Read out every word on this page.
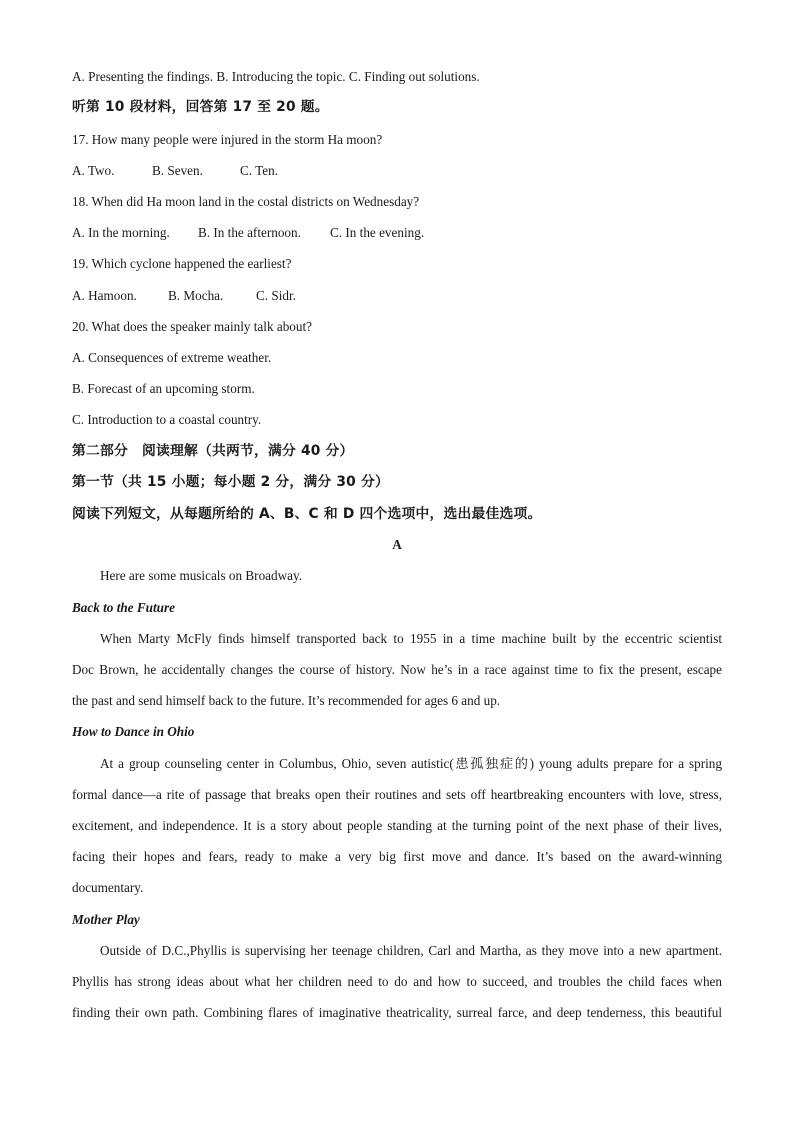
A. Presenting the findings. B. Introducing the topic. C. Finding out solutions.
听第 10 段材料，回答第 17 至 20 题。
17. How many people were injured in the storm Ha moon?
A. Two.	B. Seven.	C. Ten.
18. When did Ha moon land in the costal districts on Wednesday?
A. In the morning. B. In the afternoon. C. In the evening.
19. Which cyclone happened the earliest?
A. Hamoon. B. Mocha. C. Sidr.
20. What does the speaker mainly talk about?
A. Consequences of extreme weather.
B. Forecast of an upcoming storm.
C. Introduction to a coastal country.
第二部分　阅读理解（共两节，满分 40 分）
第一节（共 15 小题；每小题 2 分，满分 30 分）
阅读下列短文，从每题所给的 A、B、C 和 D 四个选项中，选出最佳选项。
A
Here are some musicals on Broadway.
Back to the Future
When Marty McFly finds himself transported back to 1955 in a time machine built by the eccentric scientist
Doc Brown, he accidentally changes the course of history. Now he’s in a race against time to fix the present, escape
the past and send himself back to the future. It’s recommended for ages 6 and up.
How to Dance in Ohio
At a group counseling center in Columbus, Ohio, seven autistic(患孤独症的) young adults prepare for a spring
formal dance—a rite of passage that breaks open their routines and sets off heartbreaking encounters with love, stress,
excitement, and independence. It is a story about people standing at the turning point of the next phase of their lives,
facing their hopes and fears, ready to make a very big first move and dance. It’s based on the award-winning
documentary.
Mother Play
Outside of D.C.,Phyllis is supervising her teenage children, Carl and Martha, as they move into a new apartment.
Phyllis has strong ideas about what her children need to do and how to succeed, and troubles the child faces when
finding their own path. Combining flares of imaginative theatricality, surreal farce, and deep tenderness, this beautiful
